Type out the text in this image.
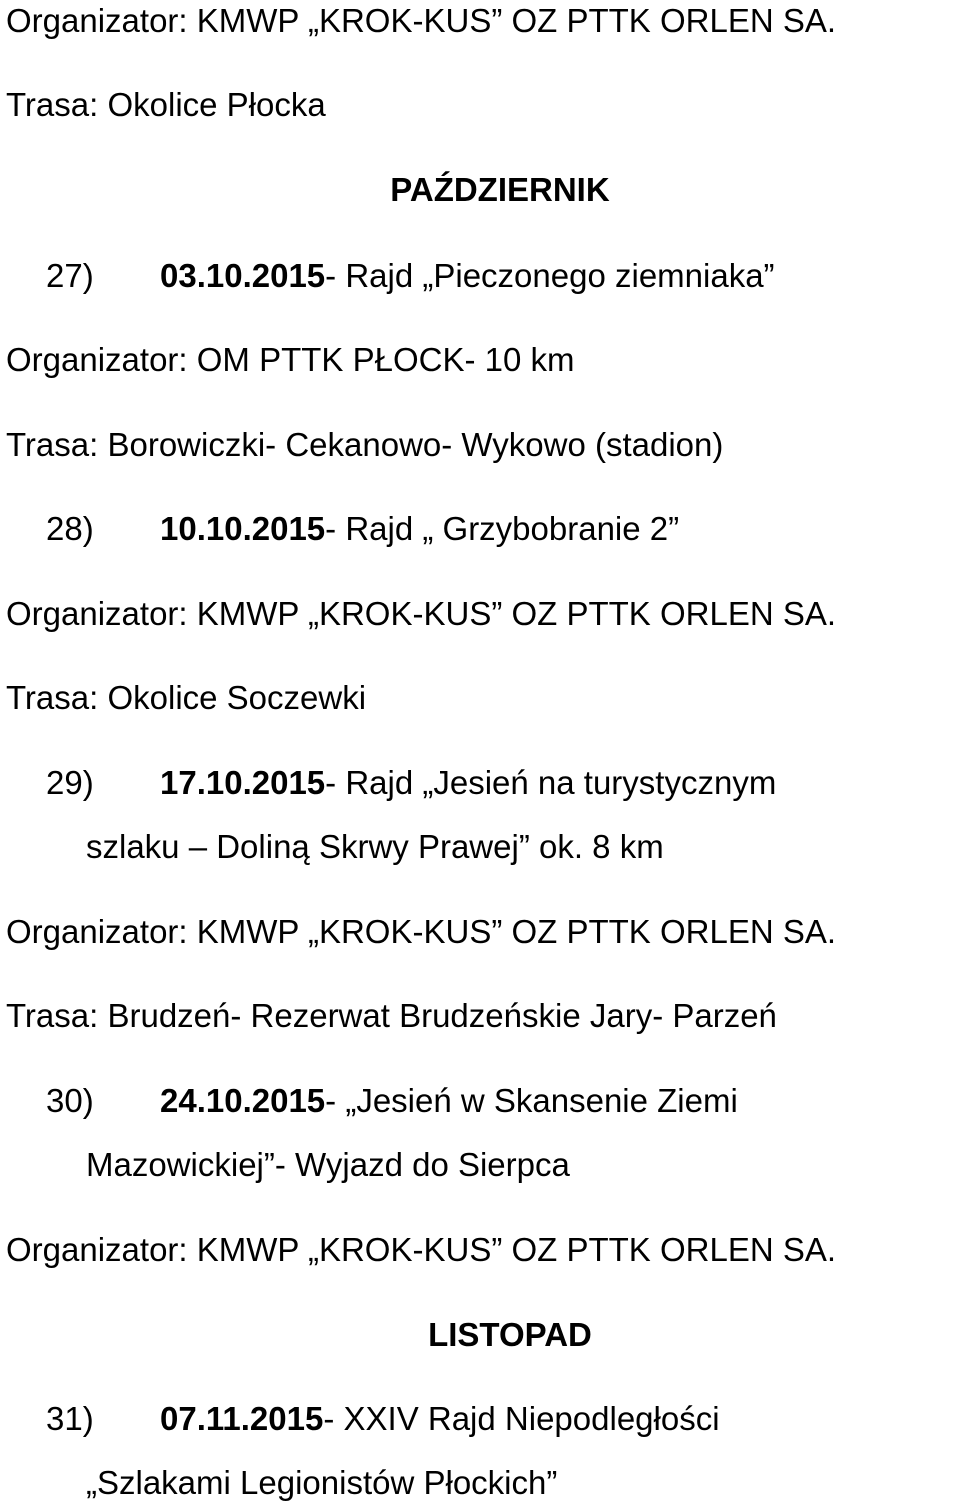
Organizator: KMWP „KROK-KUS” OZ PTTK ORLEN SA.
Trasa: Okolice Płocka
PAŹDZIERNIK
27) 03.10.2015- Rajd „Pieczonego ziemniaka”
Organizator: OM PTTK PŁOCK- 10 km
Trasa: Borowiczki- Cekanowo- Wykowo (stadion)
28) 10.10.2015- Rajd „ Grzybobranie 2”
Organizator: KMWP „KROK-KUS” OZ PTTK ORLEN SA.
Trasa: Okolice Soczewki
29) 17.10.2015- Rajd „Jesień na turystycznym
szlaku – Doliną Skrwy Prawej” ok. 8 km
Organizator: KMWP „KROK-KUS” OZ PTTK ORLEN SA.
Trasa: Brudzeń- Rezerwat Brudzeńskie Jary- Parzeń
30) 24.10.2015- „Jesień w Skansenie Ziemi
Mazowickiej”- Wyjazd do Sierpca
Organizator: KMWP „KROK-KUS” OZ PTTK ORLEN SA.
LISTOPAD
31) 07.11.2015- XXIV Rajd Niepodległości
„Szlakami Legionistów Płockich”
